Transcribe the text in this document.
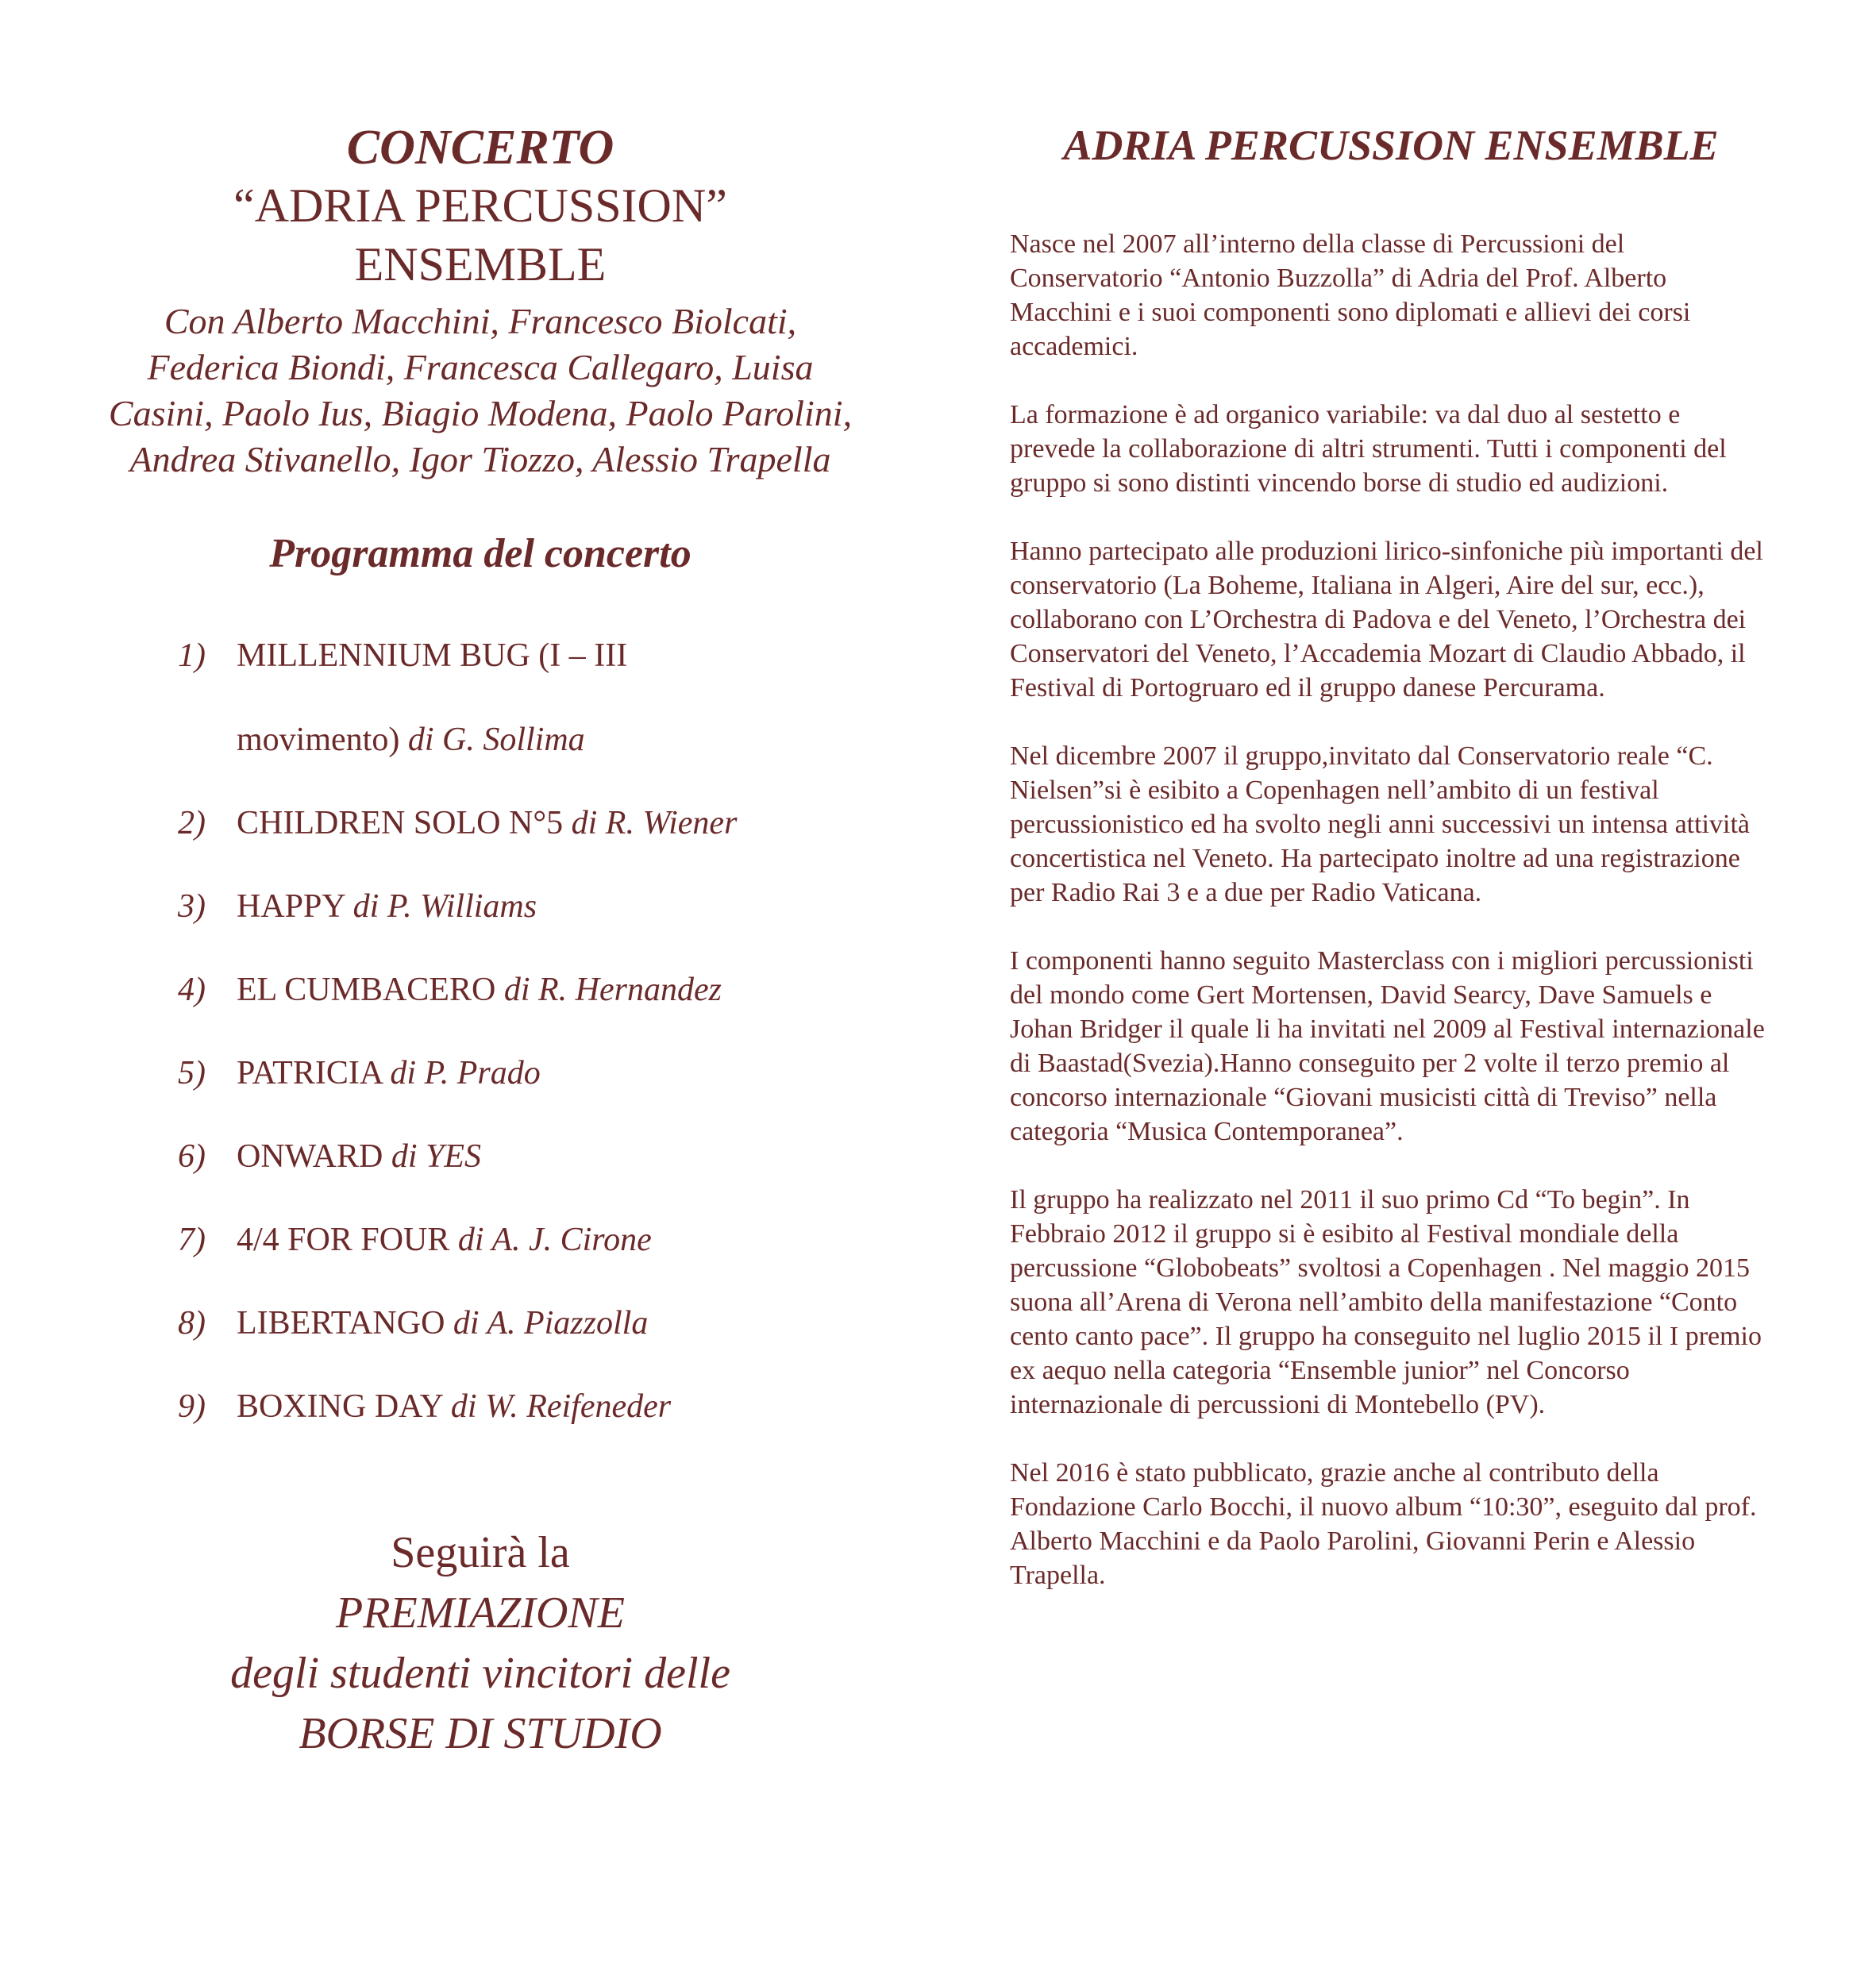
CONCERTO
“ADRIA PERCUSSION”
ENSEMBLE

Con Alberto Macchini, Francesco Biolcati, Federica Biondi, Francesca Callegaro, Luisa Casini, Paolo Ius, Biagio Modena, Paolo Parolini, Andrea Stivanello, Igor Tiozzo, Alessio Trapella

Programma del concerto
1) MILLENNIUM BUG (I – III
movimento) di G. Sollima
2) CHILDREN SOLO N°5 di R. Wiener
3) HAPPY di P. Williams
4) EL CUMBACERO di R. Hernandez
5) PATRICIA di P. Prado
6) ONWARD di YES
7) 4/4 FOR FOUR di A. J. Cirone
8) LIBERTANGO di A. Piazzolla
9) BOXING DAY di W. Reifeneder

Seguirà la

PREMIAZIONE

degli studenti vincitori delle

BORSE DI STUDIO

ADRIA PERCUSSION ENSEMBLE

Nasce nel 2007 all’interno della classe di Percussioni del Conservatorio “Antonio Buzzolla” di Adria del Prof. Alberto Macchini e i suoi componenti sono diplomati e allievi dei corsi accademici.

La formazione è ad organico variabile: va dal duo al sestetto e prevede la collaborazione di altri strumenti. Tutti i componenti del gruppo si sono distinti vincendo borse di studio ed audizioni.

Hanno partecipato alle produzioni lirico-sinfoniche più importanti del conservatorio (La Boheme, Italiana in Algeri, Aire del sur, ecc.), collaborano con L’Orchestra di Padova e del Veneto, l’Orchestra dei Conservatori del Veneto, l’Accademia Mozart di Claudio Abbado, il Festival di Portogruaro ed il gruppo danese Percurama.

Nel dicembre 2007 il gruppo,invitato dal Conservatorio reale “C. Nielsen”si è esibito a Copenhagen nell’ambito di un festival percussionistico ed ha svolto negli anni successivi un intensa attività concertistica nel Veneto. Ha partecipato inoltre ad una registrazione per Radio Rai 3 e a due per Radio Vaticana.

I componenti hanno seguito Masterclass con i migliori percussionisti del mondo come Gert Mortensen, David Searcy, Dave Samuels e Johan Bridger il quale li ha invitati nel 2009 al Festival internazionale di Baastad(Svezia).Hanno conseguito per 2 volte il terzo premio al concorso internazionale “Giovani musicisti città di Treviso” nella categoria “Musica Contemporanea”.

Il gruppo ha realizzato nel 2011 il suo primo Cd “To begin”. In Febbraio 2012 il gruppo si è esibito al Festival mondiale della percussione “Globobeats” svoltosi a Copenhagen . Nel maggio 2015 suona all’Arena di Verona nell’ambito della manifestazione “Conto cento canto pace”. Il gruppo ha conseguito nel luglio 2015 il I premio ex aequo nella categoria “Ensemble junior” nel Concorso internazionale di percussioni di Montebello (PV).

Nel 2016 è stato pubblicato, grazie anche al contributo della Fondazione Carlo Bocchi, il nuovo album “10:30”, eseguito dal prof. Alberto Macchini e da Paolo Parolini, Giovanni Perin e Alessio Trapella.
